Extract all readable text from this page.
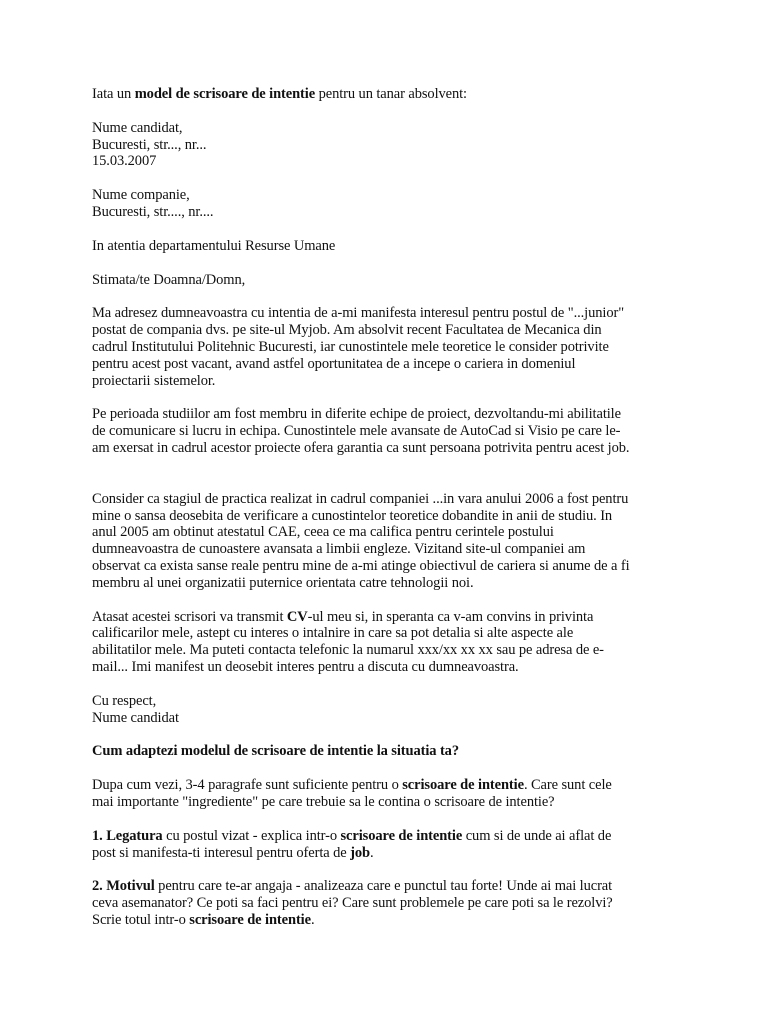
Iata un model de scrisoare de intentie pentru un tanar absolvent:

Nume candidat,
Bucuresti, str..., nr...
15.03.2007

Nume companie,
Bucuresti, str...., nr....

In atentia departamentului Resurse Umane

Stimata/te Doamna/Domn,

Ma adresez dumneavoastra cu intentia de a-mi manifesta interesul pentru postul de "...junior"
postat de compania dvs. pe site-ul Myjob. Am absolvit recent Facultatea de Mecanica din
cadrul Institutului Politehnic Bucuresti, iar cunostintele mele teoretice le consider potrivite
pentru acest post vacant, avand astfel oportunitatea de a incepe o cariera in domeniul
proiectarii sistemelor.

Pe perioada studiilor am fost membru in diferite echipe de proiect, dezvoltandu-mi abilitatile
de comunicare si lucru in echipa. Cunostintele mele avansate de AutoCad si Visio pe care le-
am exersat in cadrul acestor proiecte ofera garantia ca sunt persoana potrivita pentru acest job.

Consider ca stagiul de practica realizat in cadrul companiei ...in vara anului 2006 a fost pentru
mine o sansa deosebita de verificare a cunostintelor teoretice dobandite in anii de studiu. In
anul 2005 am obtinut atestatul CAE, ceea ce ma califica pentru cerintele postului
dumneavoastra de cunoastere avansata a limbii engleze. Vizitand site-ul companiei am
observat ca exista sanse reale pentru mine de a-mi atinge obiectivul de cariera si anume de a fi
membru al unei organizatii puternice orientata catre tehnologii noi.

Atasat acestei scrisori va transmit CV-ul meu si, in speranta ca v-am convins in privinta
calificarilor mele, astept cu interes o intalnire in care sa pot detalia si alte aspecte ale
abilitatilor mele. Ma puteti contacta telefonic la numarul xxx/xx xx xx sau pe adresa de e-
mail... Imi manifest un deosebit interes pentru a discuta cu dumneavoastra.

Cu respect,
Nume candidat

Cum adaptezi modelul de scrisoare de intentie la situatia ta?

Dupa cum vezi, 3-4 paragrafe sunt suficiente pentru o scrisoare de intentie. Care sunt cele
mai importante "ingrediente" pe care trebuie sa le contina o scrisoare de intentie?

1. Legatura cu postul vizat - explica intr-o scrisoare de intentie cum si de unde ai aflat de
post si manifesta-ti interesul pentru oferta de job.

2. Motivul pentru care te-ar angaja - analizeaza care e punctul tau forte! Unde ai mai lucrat
ceva asemanator? Ce poti sa faci pentru ei? Care sunt problemele pe care poti sa le rezolvi?
Scrie totul intr-o scrisoare de intentie.
